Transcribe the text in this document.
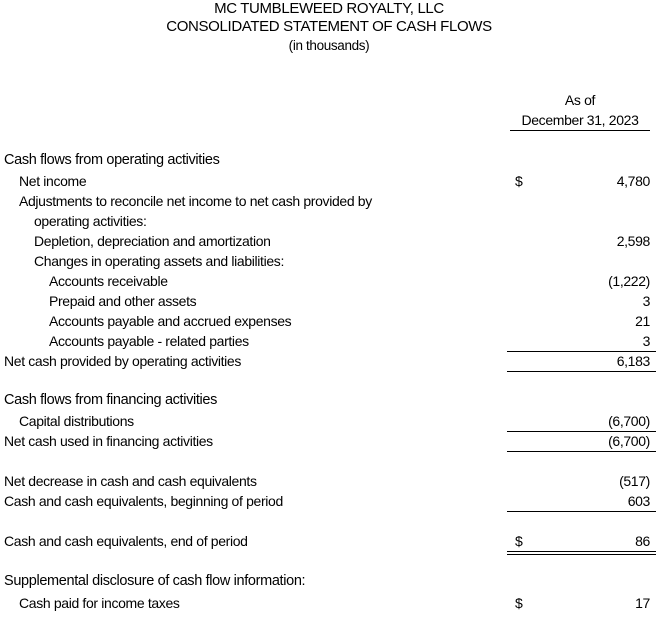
MC TUMBLEWEED ROYALTY, LLC
CONSOLIDATED STATEMENT OF CASH FLOWS
(in thousands)
As of
December 31, 2023
Cash flows from operating activities
Net income	$	4,780
Adjustments to reconcile net income to net cash provided by
operating activities:
Depletion, depreciation and amortization	2,598
Changes in operating assets and liabilities:
Accounts receivable	(1,222)
Prepaid and other assets	3
Accounts payable and accrued expenses	21
Accounts payable - related parties	3
Net cash provided by operating activities	6,183
Cash flows from financing activities
Capital distributions	(6,700)
Net cash used in financing activities	(6,700)
Net decrease in cash and cash equivalents	(517)
Cash and cash equivalents, beginning of period	603
Cash and cash equivalents, end of period	$	86
Supplemental disclosure of cash flow information:
Cash paid for income taxes	$	17
